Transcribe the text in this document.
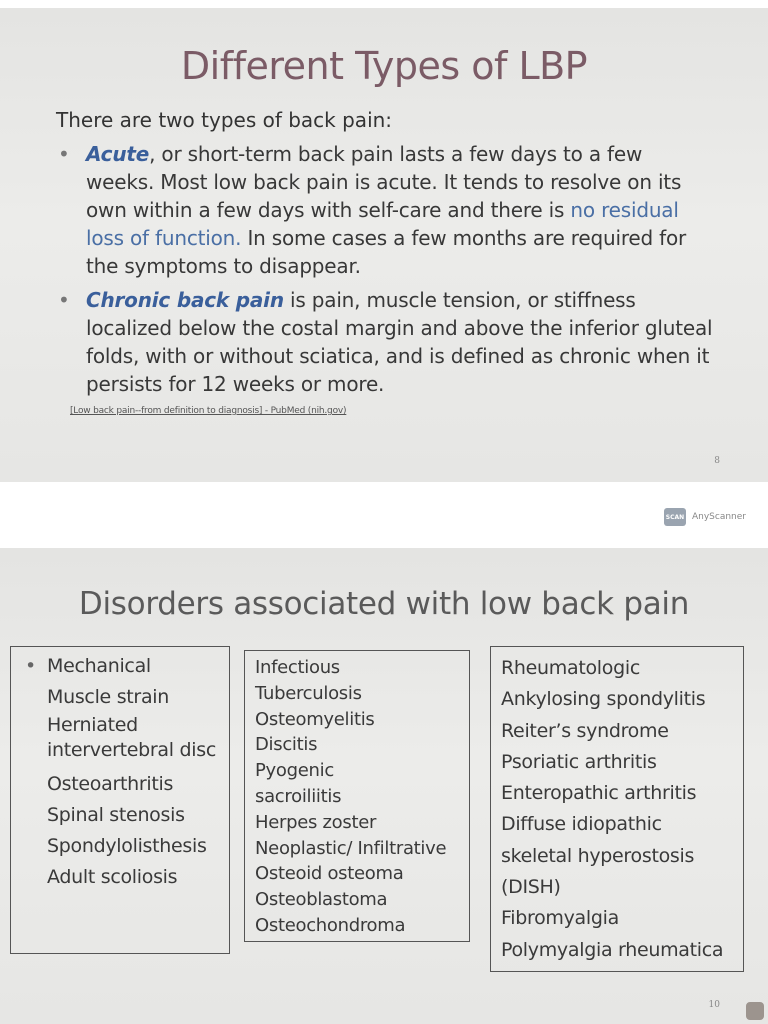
Different Types of LBP
There are two types of back pain:
• Acute, or short-term back pain lasts a few days to a few weeks. Most low back pain is acute. It tends to resolve on its own within a few days with self-care and there is no residual loss of function. In some cases a few months are required for the symptoms to disappear.
• Chronic back pain is pain, muscle tension, or stiffness localized below the costal margin and above the inferior gluteal folds, with or without sciatica, and is defined as chronic when it persists for 12 weeks or more.
[Low back pain--from definition to diagnosis] - PubMed (nih.gov)
8
SCAN AnyScanner
Disorders associated with low back pain
• Mechanical
Muscle strain
Herniated intervertebral disc
Osteoarthritis
Spinal stenosis
Spondylolisthesis
Adult scoliosis
Infectious
Tuberculosis
Osteomyelitis
Discitis
Pyogenic
sacroiliitis
Herpes zoster
Neoplastic/ Infiltrative
Osteoid osteoma
Osteoblastoma
Osteochondroma
Rheumatologic
Ankylosing spondylitis
Reiter’s syndrome
Psoriatic arthritis
Enteropathic arthritis
Diffuse idiopathic
skeletal hyperostosis
(DISH)
Fibromyalgia
Polymyalgia rheumatica
10
